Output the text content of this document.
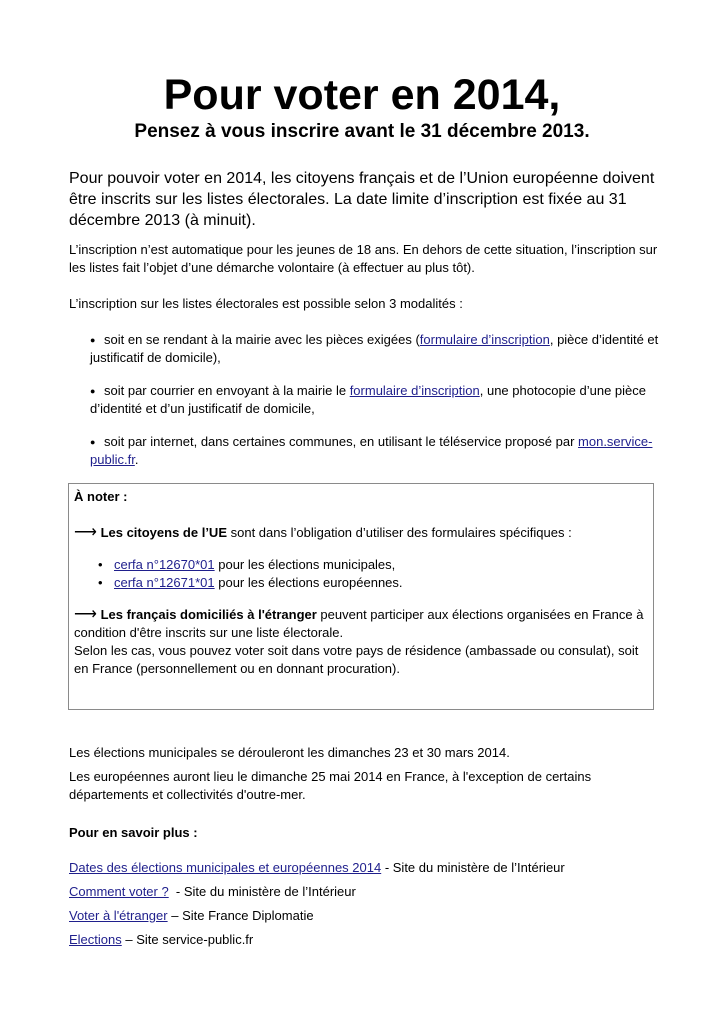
Pour voter en 2014,
Pensez à vous inscrire avant le 31 décembre 2013.
Pour pouvoir voter en 2014, les citoyens français et de l’Union européenne doivent être inscrits sur les listes électorales. La date limite d’inscription est fixée au 31 décembre 2013 (à minuit).
L’inscription n’est automatique pour les jeunes de 18 ans. En dehors de cette situation, l’inscription sur les listes fait l’objet d’une démarche volontaire (à effectuer au plus tôt).
L’inscription sur les listes électorales est possible selon 3 modalités :
● soit en se rendant à la mairie avec les pièces exigées (formulaire d’inscription, pièce d’identité et justificatif de domicile),
● soit par courrier en envoyant à la mairie le formulaire d’inscription, une photocopie d’une pièce d’identité et d’un justificatif de domicile,
● soit par internet, dans certaines communes, en utilisant le téléservice proposé par mon.service-public.fr.
À noter :
⟶ Les citoyens de l’UE sont dans l’obligation d’utiliser des formulaires spécifiques :
• cerfa n°12670*01 pour les élections municipales,
• cerfa n°12671*01 pour les élections européennes.
⟶ Les français domiciliés à l'étranger peuvent participer aux élections organisées en France à condition d'être inscrits sur une liste électorale.
Selon les cas, vous pouvez voter soit dans votre pays de résidence (ambassade ou consulat), soit en France (personnellement ou en donnant procuration).
Les élections municipales se dérouleront les dimanches 23 et 30 mars 2014.
Les européennes auront lieu le dimanche 25 mai 2014 en France, à l'exception de certains départements et collectivités d'outre-mer.
Pour en savoir plus :
Dates des élections municipales et européennes 2014 - Site du ministère de l’Intérieur
Comment voter ?  - Site du ministère de l’Intérieur
Voter à l'étranger – Site France Diplomatie
Elections – Site service-public.fr
